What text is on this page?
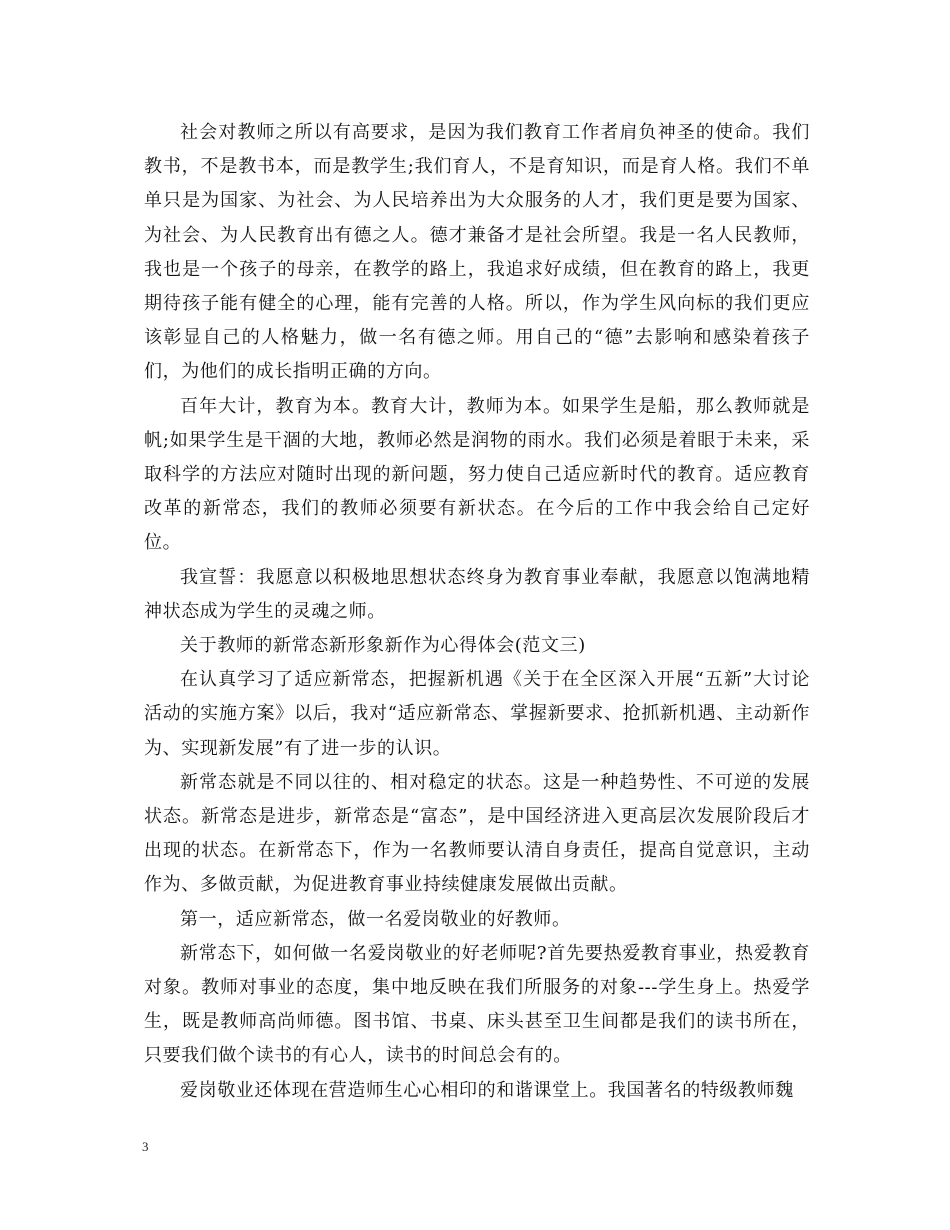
社会对教师之所以有高要求，是因为我们教育工作者肩负神圣的使命。我们教书，不是教书本，而是教学生;我们育人，不是育知识，而是育人格。我们不单单只是为国家、为社会、为人民培养出为大众服务的人才，我们更是要为国家、为社会、为人民教育出有德之人。德才兼备才是社会所望。我是一名人民教师，我也是一个孩子的母亲，在教学的路上，我追求好成绩，但在教育的路上，我更期待孩子能有健全的心理，能有完善的人格。所以，作为学生风向标的我们更应该彰显自己的人格魅力，做一名有德之师。用自己的“德”去影响和感染着孩子们，为他们的成长指明正确的方向。

百年大计，教育为本。教育大计，教师为本。如果学生是船，那么教师就是帆;如果学生是干涸的大地，教师必然是润物的雨水。我们必须是着眼于未来，采取科学的方法应对随时出现的新问题，努力使自己适应新时代的教育。适应教育改革的新常态，我们的教师必须要有新状态。在今后的工作中我会给自己定好位。

我宣誓：我愿意以积极地思想状态终身为教育事业奉献，我愿意以饱满地精神状态成为学生的灵魂之师。

关于教师的新常态新形象新作为心得体会(范文三)

在认真学习了适应新常态，把握新机遇《关于在全区深入开展“五新”大讨论活动的实施方案》以后，我对“适应新常态、掌握新要求、抢抓新机遇、主动新作为、实现新发展”有了进一步的认识。

新常态就是不同以往的、相对稳定的状态。这是一种趋势性、不可逆的发展状态。新常态是进步，新常态是“富态”，是中国经济进入更高层次发展阶段后才出现的状态。在新常态下，作为一名教师要认清自身责任，提高自觉意识，主动作为、多做贡献，为促进教育事业持续健康发展做出贡献。

第一，适应新常态，做一名爱岗敬业的好教师。

新常态下，如何做一名爱岗敬业的好老师呢?首先要热爱教育事业，热爱教育对象。教师对事业的态度，集中地反映在我们所服务的对象---学生身上。热爱学生，既是教师高尚师德。图书馆、书桌、床头甚至卫生间都是我们的读书所在，只要我们做个读书的有心人，读书的时间总会有的。

爱岗敬业还体现在营造师生心心相印的和谐课堂上。我国著名的特级教师魏

3
